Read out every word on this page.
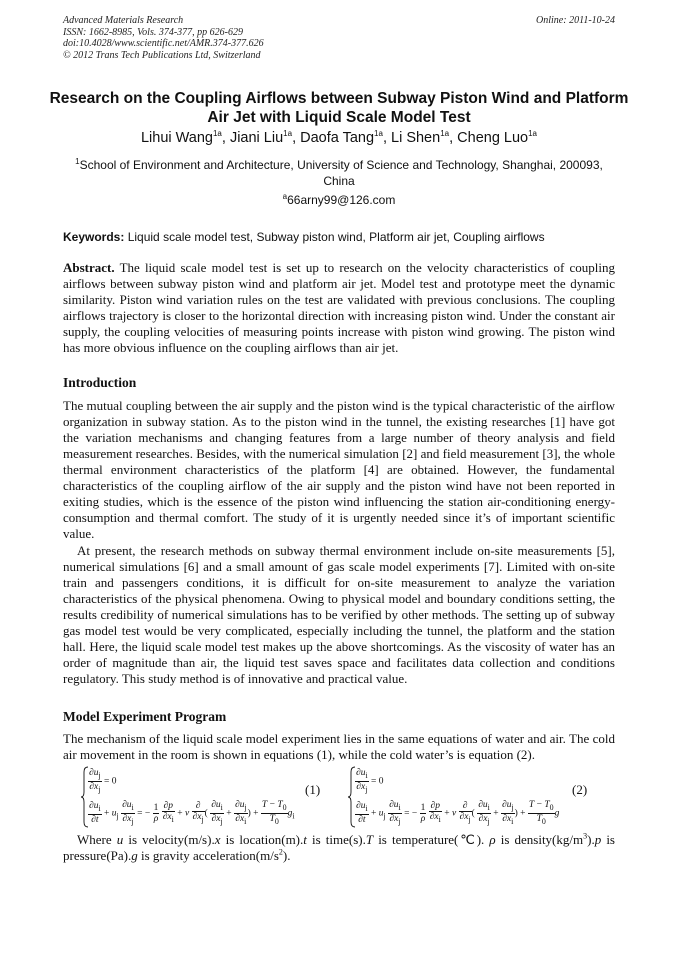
Advanced Materials Research
ISSN: 1662-8985, Vols. 374-377, pp 626-629
doi:10.4028/www.scientific.net/AMR.374-377.626
© 2012 Trans Tech Publications Ltd, Switzerland
Online: 2011-10-24
Research on the Coupling Airflows between Subway Piston Wind and Platform Air Jet with Liquid Scale Model Test
Lihui Wang$^{1a}$, Jiani Liu$^{1a}$, Daofa Tang$^{1a}$, Li Shen$^{1a}$, Cheng Luo$^{1a}$
$^1$School of Environment and Architecture, University of Science and Technology, Shanghai, 200093, China
$^a$66arny99@126.com
Keywords: Liquid scale model test, Subway piston wind, Platform air jet, Coupling airflows
Abstract. The liquid scale model test is set up to research on the velocity characteristics of coupling airflows between subway piston wind and platform air jet. Model test and prototype meet the dynamic similarity. Piston wind variation rules on the test are validated with previous conclusions. The coupling airflows trajectory is closer to the horizontal direction with increasing piston wind. Under the constant air supply, the coupling velocities of measuring points increase with piston wind growing. The piston wind has more obvious influence on the coupling airflows than air jet.
Introduction
The mutual coupling between the air supply and the piston wind is the typical characteristic of the airflow organization in subway station. As to the piston wind in the tunnel, the existing researches [1] have got the variation mechanisms and changing features from a large number of theory analysis and field measurement researches. Besides, with the numerical simulation [2] and field measurement [3], the whole thermal environment characteristics of the platform [4] are obtained. However, the fundamental characteristics of the coupling airflow of the air supply and the piston wind have not been reported in exiting studies, which is the essence of the piston wind influencing the station air-conditioning energy-consumption and thermal comfort. The study of it is urgently needed since it’s of important scientific value.
At present, the research methods on subway thermal environment include on-site measurements [5], numerical simulations [6] and a small amount of gas scale model experiments [7]. Limited with on-site train and passengers conditions, it is difficult for on-site measurement to analyze the variation characteristics of the physical phenomena. Owing to physical model and boundary conditions setting, the results credibility of numerical simulations has to be verified by other methods. The setting up of subway gas model test would be very complicated, especially including the tunnel, the platform and the station hall. Here, the liquid scale model test makes up the above shortcomings. As the viscosity of water has an order of magnitude than air, the liquid test saves space and facilitates data collection and conditions regulatory. This study method is of innovative and practical value.
Model Experiment Program
The mechanism of the liquid scale model experiment lies in the same equations of water and air. The cold air movement in the room is shown in equations (1), while the cold water’s is equation (2).
$\frac{\partial u_j}{\partial x_j} = 0$
$\frac{\partial u_i}{\partial t} + u_j \frac{\partial u_i}{\partial x_j}$ = − $\frac{1}{\rho}$
$\frac{\partial p}{\partial x_i} + \nu \frac{\partial}{\partial x_j}$ ( $\frac{\partial u_i}{\partial x_j} + \frac{\partial u_j}{\partial x_i}$ ) + $\frac{T - T_0}{T_0} g_i$
(1)	$\frac{\partial u_i}{\partial x_j} = 0$
$\frac{\partial u_i}{\partial t} + u_j \frac{\partial u_i}{\partial x_j}$ = − $\frac{1}{\rho}$
$\frac{\partial p}{\partial x_i} + \nu \frac{\partial}{\partial x_j}$ ( $\frac{\partial u_i}{\partial x_j} + \frac{\partial u_j}{\partial x_i}$ ) + $\frac{T - T_0}{T_0}$ g
(2)
Where u is velocity(m/s).x is location(m).t is time(s).T is temperature(℃). ρ is $density(kg/m^3).p$ is pressure(Pa).g is gravity $acceleration(m/s^2)$.
